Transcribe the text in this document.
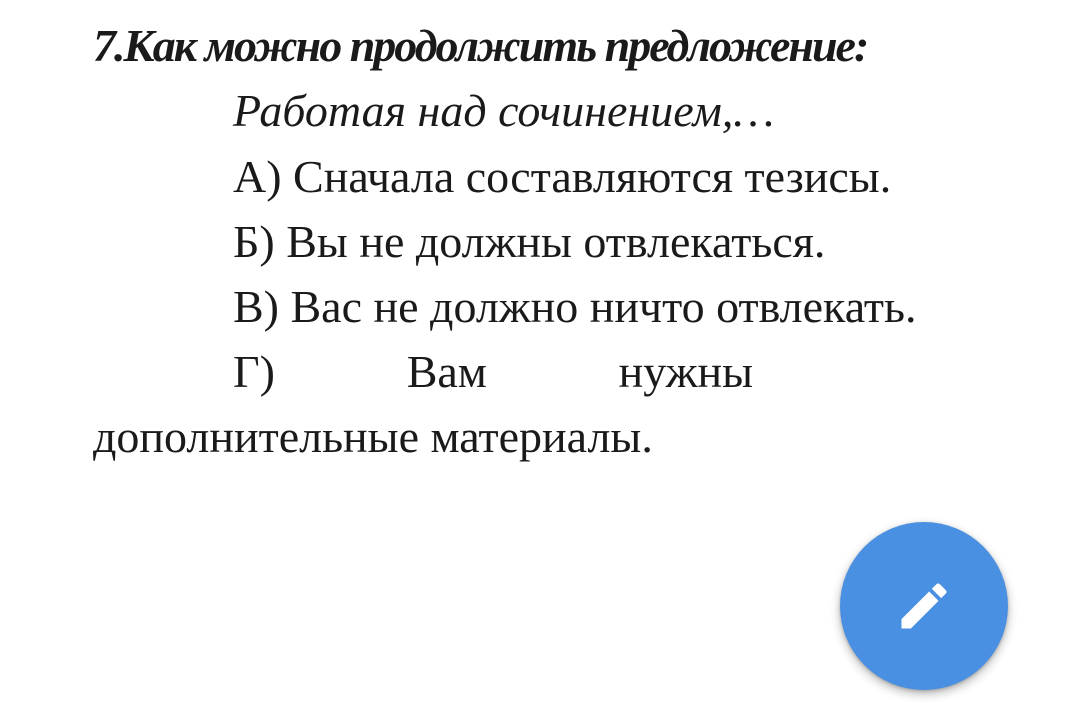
7.Как можно продолжить предложение:

Работая над сочинением,…

А) Сначала составляются тезисы.

Б) Вы не должны отвлекаться.

В) Вас не должно ничто отвлекать.

Г) Вам нужны дополнительные материалы.
